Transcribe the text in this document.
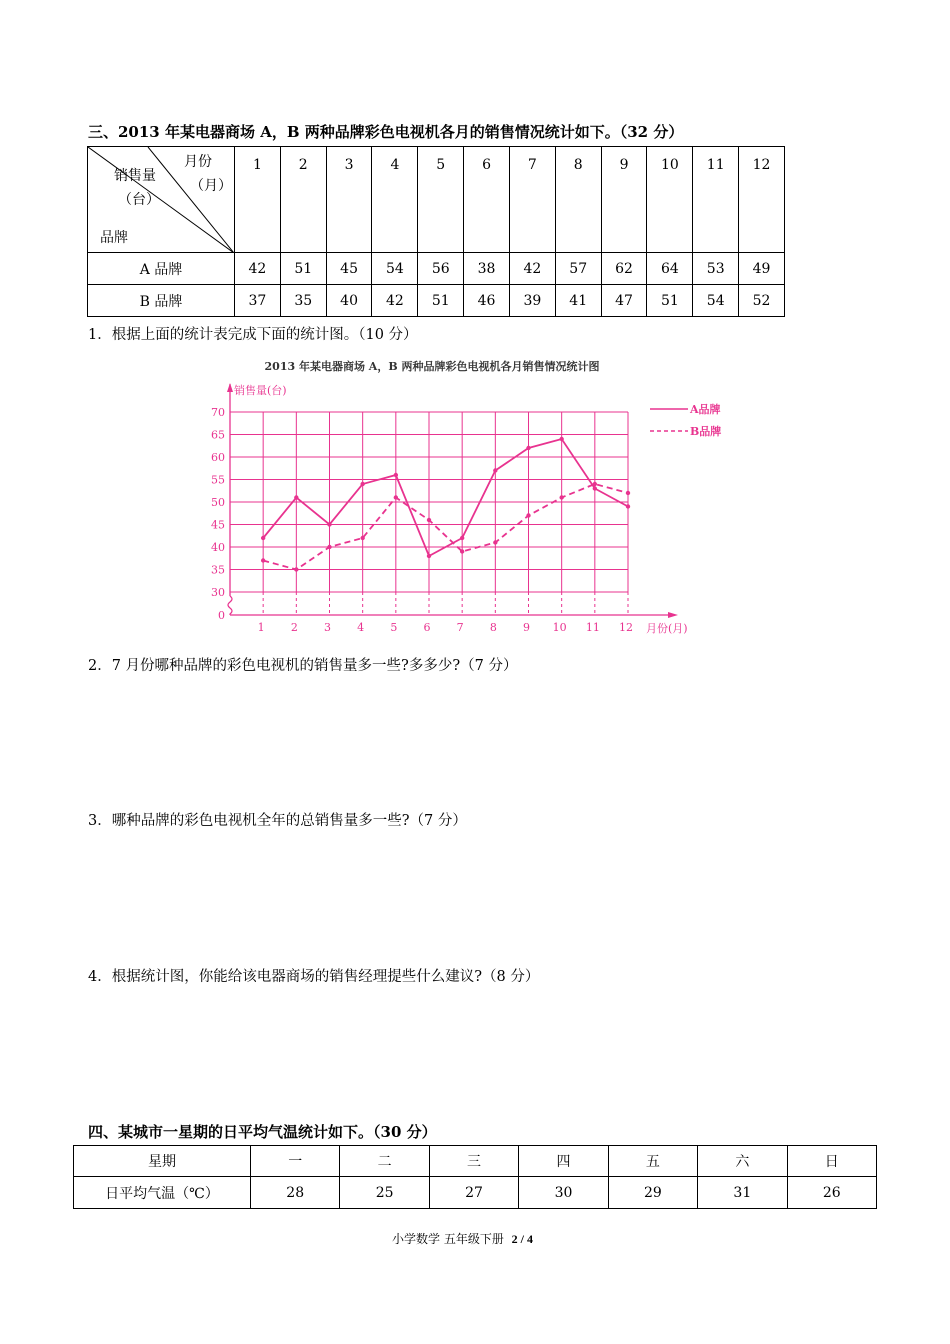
三、2013 年某电器商场 A，B 两种品牌彩色电视机各月的销售情况统计如下。（32 分）
月份
（月）
销售量
（台）
品牌	1	2	3	4	5	6	7	8	9	10	11	12
A 品牌	42	51	45	54	56	38	42	57	62	64	53	49
B 品牌	37	35	40	42	51	46	39	41	47	51	54	52
1．根据上面的统计表完成下面的统计图。（10 分）
2013 年某电器商场 A，B 两种品牌彩色电视机各月销售情况统计图
销售量(台)
月份(月)
0
30
35
40
45
50
55
60
65
70
1 2 3 4 5 6 7 8 9 10 11 12
A品牌
B品牌
2．7 月份哪种品牌的彩色电视机的销售量多一些?多多少?（7 分）
3．哪种品牌的彩色电视机全年的总销售量多一些?（7 分）
4．根据统计图，你能给该电器商场的销售经理提些什么建议?（8 分）
四、某城市一星期的日平均气温统计如下。（30 分）
星期	一	二	三	四	五	六	日
日平均气温（℃）	28	25	27	30	29	31	26
小学数学 五年级下册 2 / 4
